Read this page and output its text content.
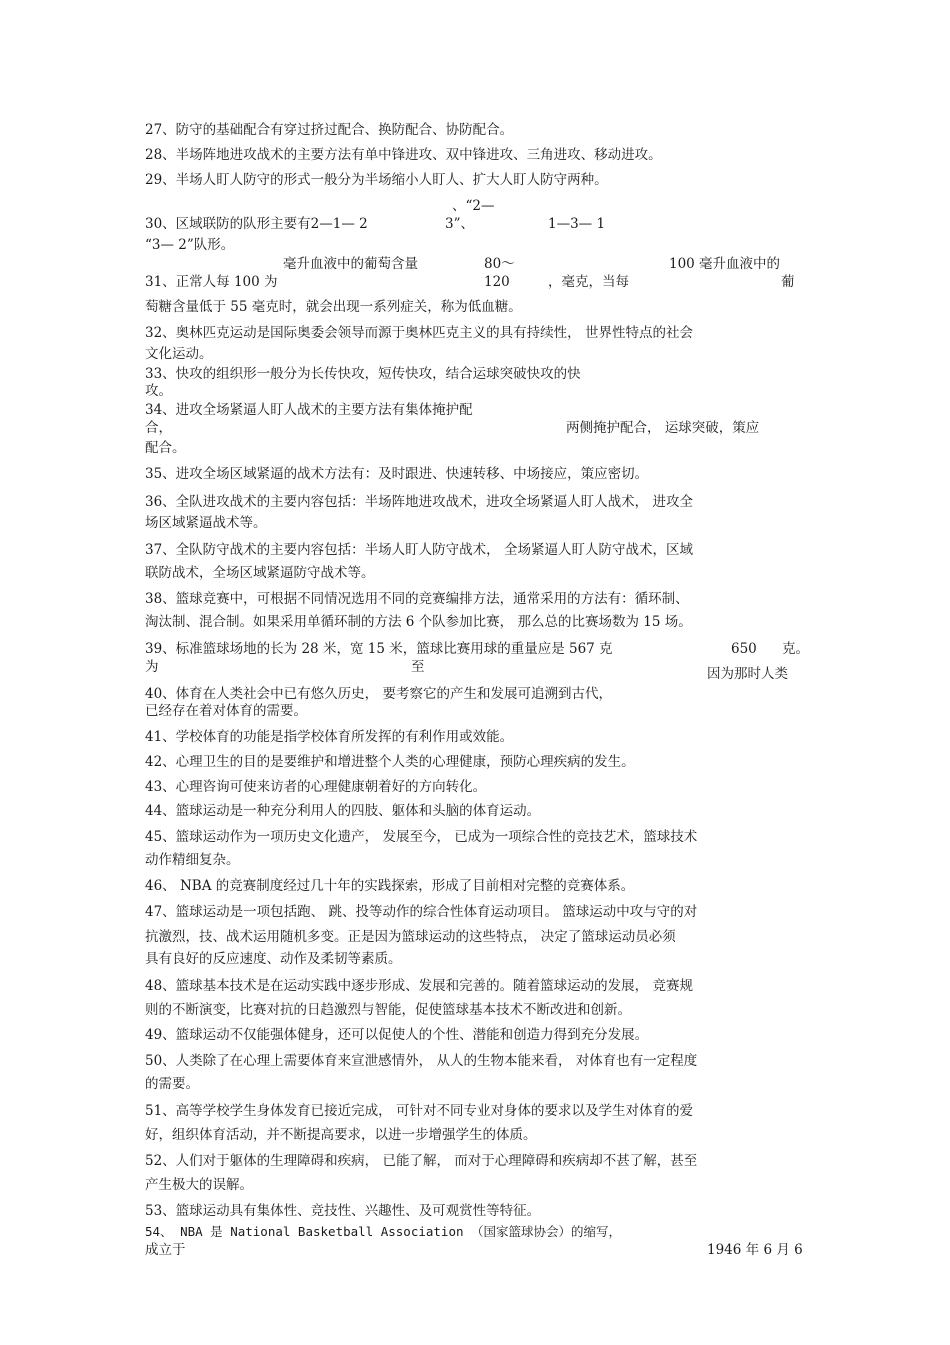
27、防守的基础配合有穿过挤过配合、换防配合、协防配合。
28、半场阵地进攻战术的主要方法有单中锋进攻、双中锋进攻、三角进攻、移动进攻。
29、半场人盯人防守的形式一般分为半场缩小人盯人、扩大人盯人防守两种。
、“2—
30、区域联防的队形主要有2—1— 2	3”、	1—3— 1
“3— 2”队形。
毫升血液中的葡萄含量	80～	100 毫升血液中的
31、正常人每 100 为	120	，毫克，当每	葡
萄糖含量低于 55 毫克时，就会出现一系列症关，称为低血糖。
32、奥林匹克运动是国际奥委会领导而源于奥林匹克主义的具有持续性， 世界性特点的社会
文化运动。
33、快攻的组织形一般分为长传快攻，短传快攻，结合运球突破快攻的快
攻。
34、进攻全场紧逼人盯人战术的主要方法有集体掩护配
合，	两侧掩护配合， 运球突破，策应
配合。
35、进攻全场区域紧逼的战术方法有：及时跟进、快速转移、中场接应，策应密切。
36、全队进攻战术的主要内容包括：半场阵地进攻战术，进攻全场紧逼人盯人战术， 进攻全
场区域紧逼战术等。
37、全队防守战术的主要内容包括：半场人盯人防守战术， 全场紧逼人盯人防守战术，区域
联防战术，全场区域紧逼防守战术等。
38、篮球竞赛中，可根据不同情况选用不同的竞赛编排方法，通常采用的方法有：循环制、
淘汰制、混合制。如果采用单循环制的方法 6 个队参加比赛， 那么总的比赛场数为 15 场。
39、标准篮球场地的长为 28 米，宽 15 米，篮球比赛用球的重量应是 567 克	650 克。
为	至	因为那时人类
40、体育在人类社会中已有悠久历史， 要考察它的产生和发展可追溯到古代，
已经存在着对体育的需要。
41、学校体育的功能是指学校体育所发挥的有利作用或效能。
42、心理卫生的目的是要维护和增进整个人类的心理健康，预防心理疾病的发生。
43、心理咨询可使来访者的心理健康朝着好的方向转化。
44、篮球运动是一种充分利用人的四肢、躯体和头脑的体育运动。
45、篮球运动作为一项历史文化遗产， 发展至今， 已成为一项综合性的竞技艺术，篮球技术
动作精细复杂。
46、 NBA 的竞赛制度经过几十年的实践探索，形成了目前相对完整的竞赛体系。
47、篮球运动是一项包括跑、 跳、投等动作的综合性体育运动项目。 篮球运动中攻与守的对
抗激烈，技、战术运用随机多变。正是因为篮球运动的这些特点， 决定了篮球运动员必须
具有良好的反应速度、动作及柔韧等素质。
48、篮球基本技术是在运动实践中逐步形成、发展和完善的。随着篮球运动的发展， 竞赛规
则的不断演变，比赛对抗的日趋激烈与智能，促使篮球基本技术不断改进和创新。
49、篮球运动不仅能强体健身，还可以促使人的个性、潜能和创造力得到充分发展。
50、人类除了在心理上需要体育来宣泄感情外， 从人的生物本能来看， 对体育也有一定程度
的需要。
51、高等学校学生身体发育已接近完成， 可针对不同专业对身体的要求以及学生对体育的爱
好，组织体育活动，并不断提高要求，以进一步增强学生的体质。
52、人们对于躯体的生理障碍和疾病， 已能了解， 而对于心理障碍和疾病却不甚了解，甚至
产生极大的误解。
53、篮球运动具有集体性、竞技性、兴趣性、及可观赏性等特征。
54、 NBA 是 National Basketball Association （国家篮球协会）的缩写，
成立于	1946 年 6 月 6
